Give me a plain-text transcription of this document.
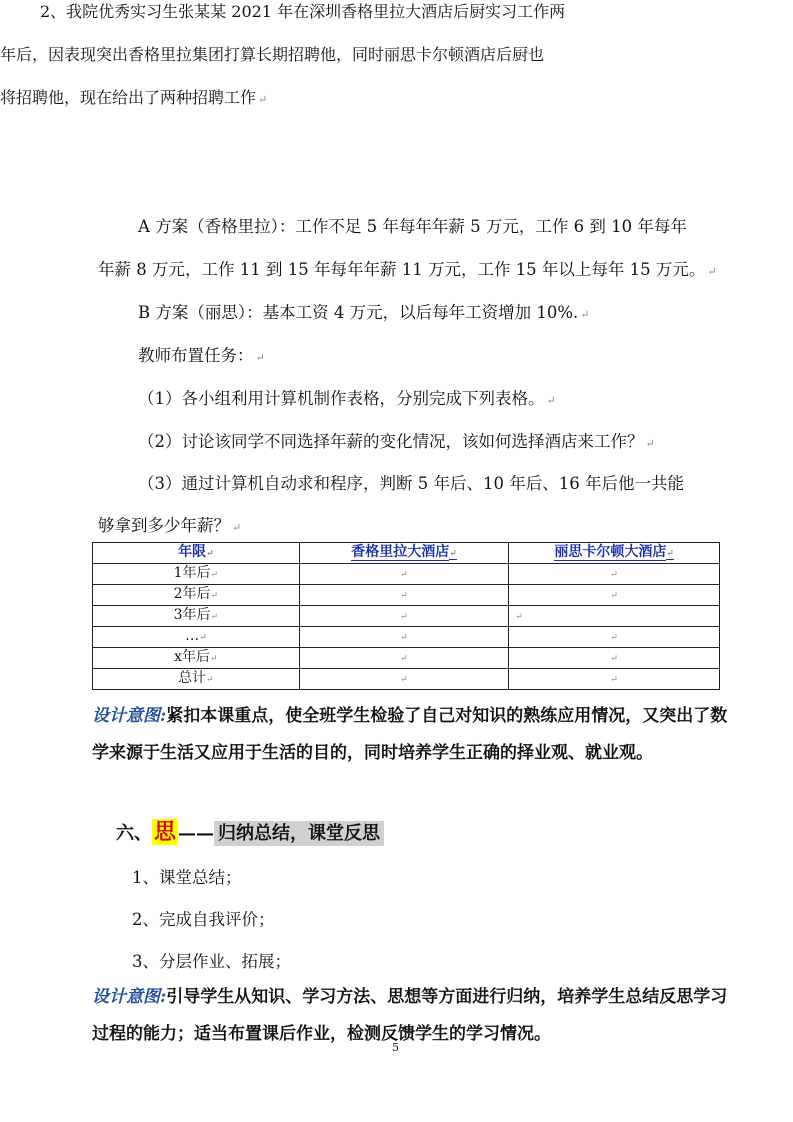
2、我院优秀实习生张某某 2021 年在深圳香格里拉大酒店后厨实习工作两
年后，因表现突出香格里拉集团打算长期招聘他，同时丽思卡尔顿酒店后厨也
将招聘他，现在给出了两种招聘工作 ↵
A 方案（香格里拉）：工作不足 5 年每年年薪 5 万元，工作 6 到 10 年每年
年薪 8 万元，工作 11 到 15 年每年年薪 11 万元，工作 15 年以上每年 15 万元。 ↵
B 方案（丽思）：基本工资 4 万元，以后每年工资增加 10%. ↵
教师布置任务： ↵
（1）各小组利用计算机制作表格，分别完成下列表格。 ↵
（2）讨论该同学不同选择年薪的变化情况，该如何选择酒店来工作？ ↵
（3）通过计算机自动求和程序，判断 5 年后、10 年后、16 年后他一共能
够拿到多少年薪？ ↵
年限↵	香格里拉大酒店↵	丽思卡尔顿大酒店↵
1年后↵	↵	↵
2年后↵	↵	↵
3年后↵	↵	↵
…↵	↵	↵
x年后↵	↵	↵
总计↵	↵	↵
设计意图:紧扣本课重点，使全班学生检验了自己对知识的熟练应用情况，又突出了数学来源于生活又应用于生活的目的，同时培养学生正确的择业观、就业观。
六、思 —— 归纳总结，课堂反思
1、课堂总结；
2、完成自我评价；
3、分层作业、拓展；
设计意图:引导学生从知识、学习方法、思想等方面进行归纳，培养学生总结反思学习过程的能力；适当布置课后作业，检测反馈学生的学习情况。
5
